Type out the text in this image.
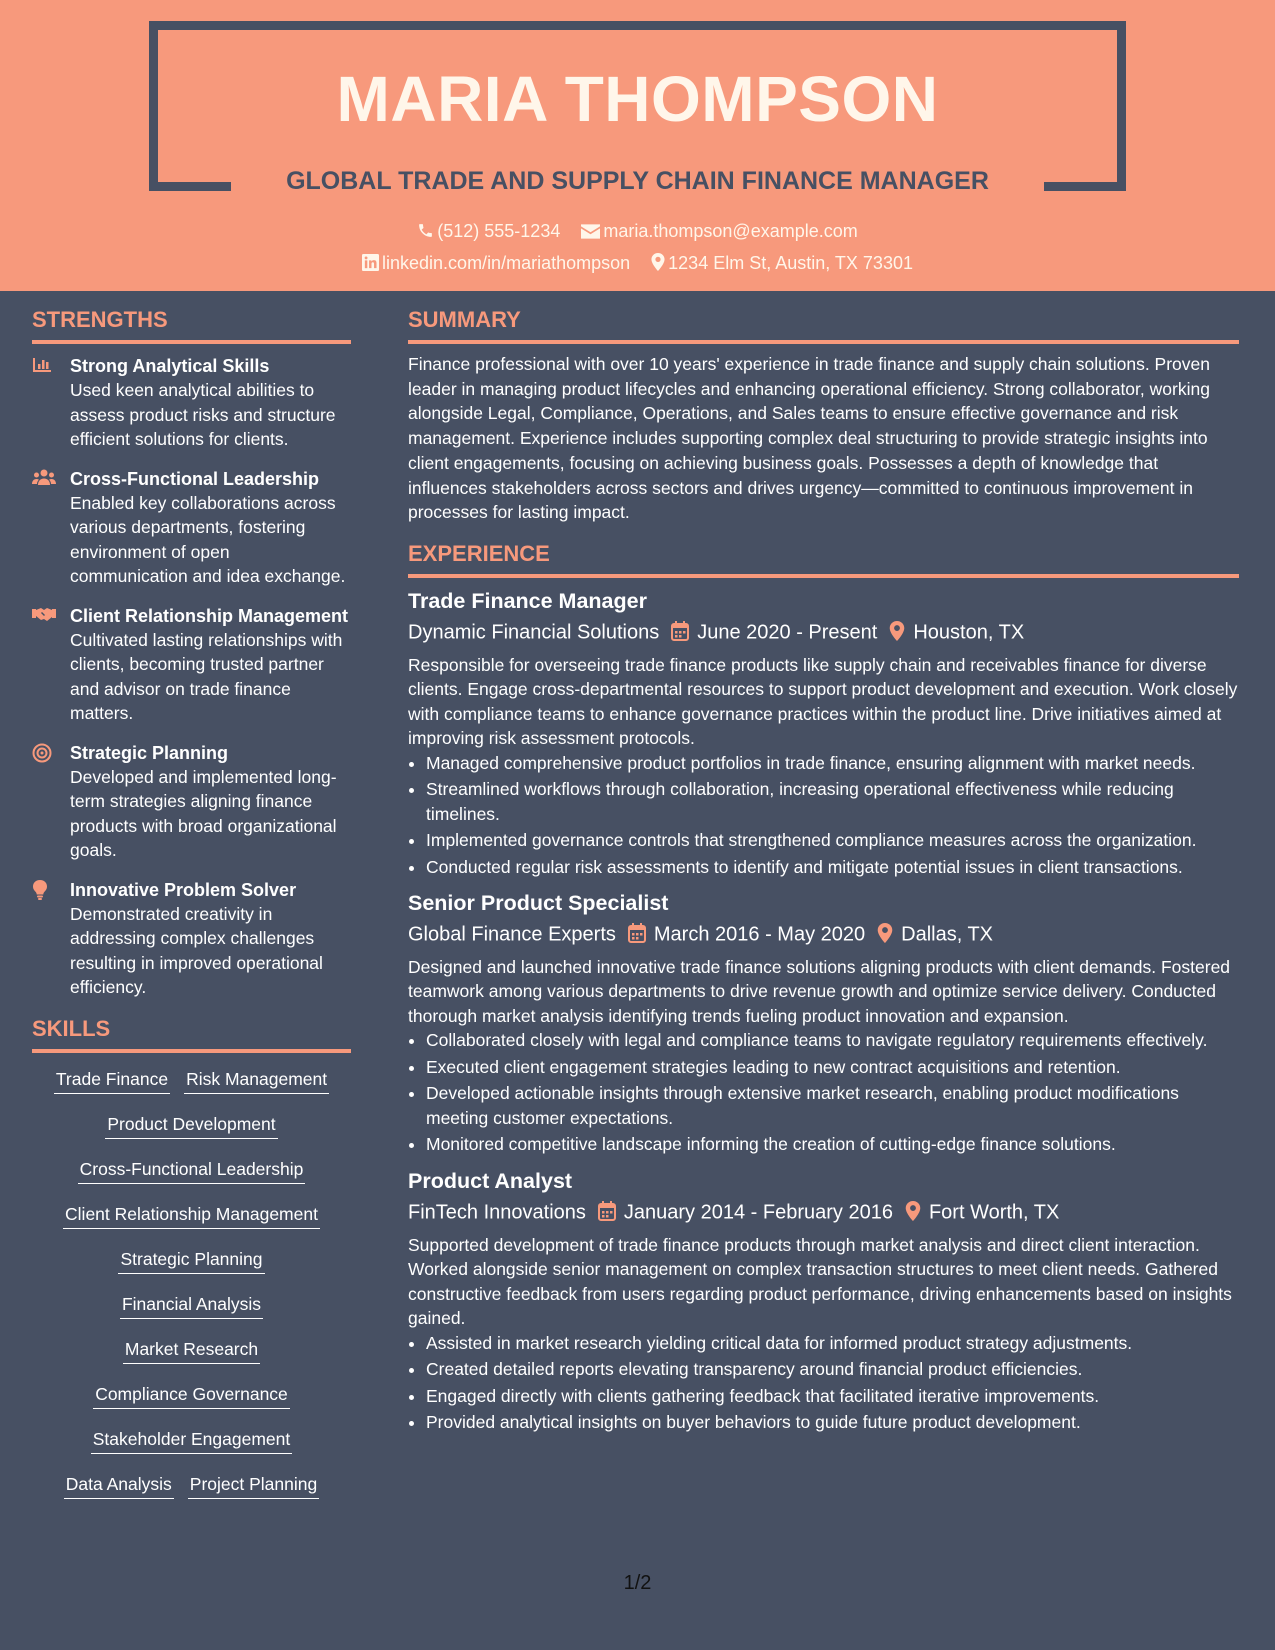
MARIA THOMPSON
GLOBAL TRADE AND SUPPLY CHAIN FINANCE MANAGER
(512) 555-1234 maria.thompson@example.com
linkedin.com/in/mariathompson 1234 Elm St, Austin, TX 73301
STRENGTHS
Strong Analytical Skills
Used keen analytical abilities to assess product risks and structure efficient solutions for clients.
Cross-Functional Leadership
Enabled key collaborations across various departments, fostering environment of open communication and idea exchange.
Client Relationship Management
Cultivated lasting relationships with clients, becoming trusted partner and advisor on trade finance matters.
Strategic Planning
Developed and implemented long-term strategies aligning finance products with broad organizational goals.
Innovative Problem Solver
Demonstrated creativity in addressing complex challenges resulting in improved operational efficiency.
SKILLS
Trade Finance Risk Management
Product Development
Cross-Functional Leadership
Client Relationship Management
Strategic Planning
Financial Analysis
Market Research
Compliance Governance
Stakeholder Engagement
Data Analysis Project Planning
SUMMARY

Finance professional with over 10 years' experience in trade finance and supply chain solutions. Proven leader in managing product lifecycles and enhancing operational efficiency. Strong collaborator, working alongside Legal, Compliance, Operations, and Sales teams to ensure effective governance and risk management. Experience includes supporting complex deal structuring to provide strategic insights into client engagements, focusing on achieving business goals. Possesses a depth of knowledge that influences stakeholders across sectors and drives urgency—committed to continuous improvement in processes for lasting impact.

EXPERIENCE
Trade Finance Manager
Dynamic Financial Solutions June 2020 - Present Houston, TX

Responsible for overseeing trade finance products like supply chain and receivables finance for diverse clients. Engage cross-departmental resources to support product development and execution. Work closely with compliance teams to enhance governance practices within the product line. Drive initiatives aimed at improving risk assessment protocols.

• Managed comprehensive product portfolios in trade finance, ensuring alignment with market needs.
• Streamlined workflows through collaboration, increasing operational effectiveness while reducing timelines.
• Implemented governance controls that strengthened compliance measures across the organization.
• Conducted regular risk assessments to identify and mitigate potential issues in client transactions.
Senior Product Specialist
Global Finance Experts March 2016 - May 2020 Dallas, TX

Designed and launched innovative trade finance solutions aligning products with client demands. Fostered teamwork among various departments to drive revenue growth and optimize service delivery. Conducted thorough market analysis identifying trends fueling product innovation and expansion.

• Collaborated closely with legal and compliance teams to navigate regulatory requirements effectively.
• Executed client engagement strategies leading to new contract acquisitions and retention.
• Developed actionable insights through extensive market research, enabling product modifications meeting customer expectations.
• Monitored competitive landscape informing the creation of cutting-edge finance solutions.
Product Analyst
FinTech Innovations January 2014 - February 2016 Fort Worth, TX

Supported development of trade finance products through market analysis and direct client interaction. Worked alongside senior management on complex transaction structures to meet client needs. Gathered constructive feedback from users regarding product performance, driving enhancements based on insights gained.

• Assisted in market research yielding critical data for informed product strategy adjustments.
• Created detailed reports elevating transparency around financial product efficiencies.
• Engaged directly with clients gathering feedback that facilitated iterative improvements.
• Provided analytical insights on buyer behaviors to guide future product development.
1/2
